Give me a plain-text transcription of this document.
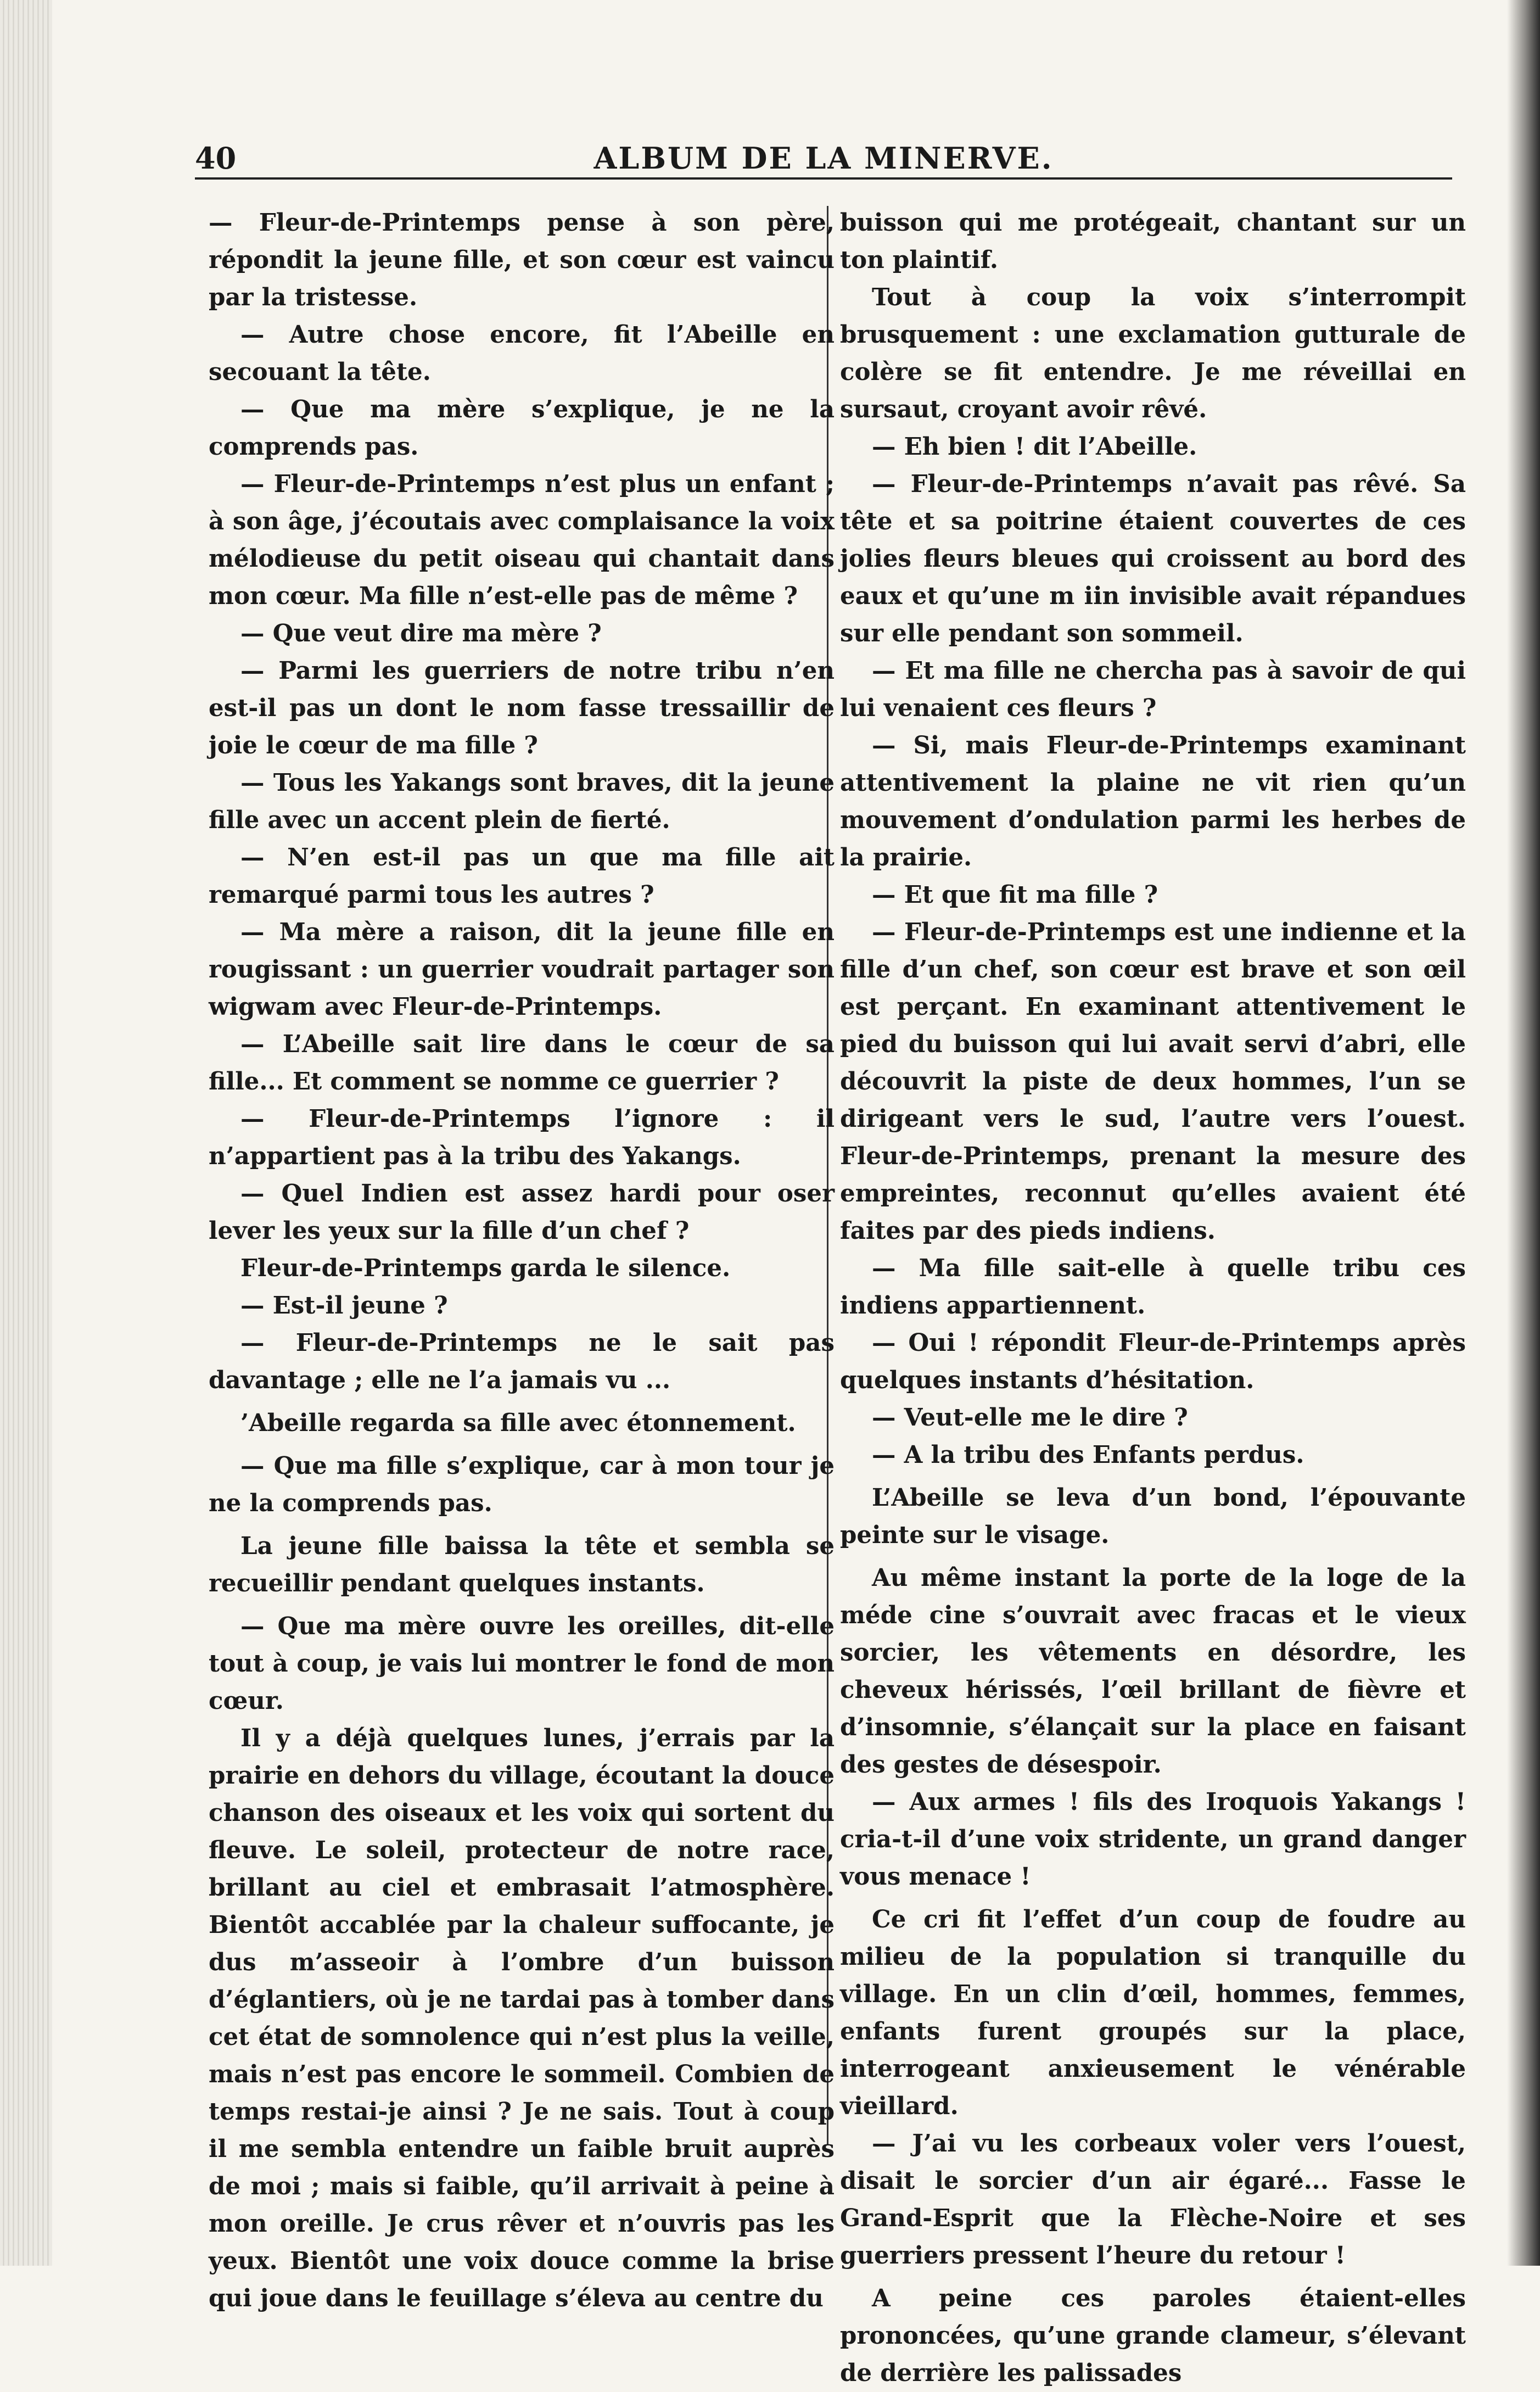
40	ALBUM DE LA MINERVE.

— Fleur-de-Printemps pense à son père, répondit la jeune fille, et son cœur est vaincu par la tristesse.

— Autre chose encore, fit l’Abeille en secouant la tête.

— Que ma mère s’explique, je ne la comprends pas.

— Fleur-de-Printemps n’est plus un enfant ; à son âge, j’écoutais avec complaisance la voix mélodieuse du petit oiseau qui chantait dans mon cœur. Ma fille n’est-elle pas de même ?

— Que veut dire ma mère ?

— Parmi les guerriers de notre tribu n’en est-il pas un dont le nom fasse tressaillir de joie le cœur de ma fille ?

— Tous les Yakangs sont braves, dit la jeune fille avec un accent plein de fierté.

— N’en est-il pas un que ma fille ait remarqué parmi tous les autres ?

— Ma mère a raison, dit la jeune fille en rougissant : un guerrier voudrait partager son wigwam avec Fleur-de-Printemps.

— L’Abeille sait lire dans le cœur de sa fille... Et comment se nomme ce guerrier ?

— Fleur-de-Printemps l’ignore : il n’appartient pas à la tribu des Yakangs.

— Quel Indien est assez hardi pour oser lever les yeux sur la fille d’un chef ?

Fleur-de-Printemps garda le silence.

— Est-il jeune ?

— Fleur-de-Printemps ne le sait pas davantage ; elle ne l’a jamais vu ...

’Abeille regarda sa fille avec étonnement.

— Que ma fille s’explique, car à mon tour je ne la comprends pas.

La jeune fille baissa la tête et sembla se recueillir pendant quelques instants.

— Que ma mère ouvre les oreilles, dit-elle tout à coup, je vais lui montrer le fond de mon cœur.

Il y a déjà quelques lunes, j’errais par la prairie en dehors du village, écoutant la douce chanson des oiseaux et les voix qui sortent du fleuve. Le soleil, protecteur de notre race, brillant au ciel et embrasait l’atmosphère. Bientôt accablée par la chaleur suffocante, je dus m’asseoir à l’ombre d’un buisson d’églantiers, où je ne tardai pas à tomber dans cet état de somnolence qui n’est plus la veille, mais n’est pas encore le sommeil. Combien de temps restai-je ainsi ? Je ne sais. Tout à coup il me sembla entendre un faible bruit auprès de moi ; mais si faible, qu’il arrivait à peine à mon oreille. Je crus rêver et n’ouvris pas les yeux. Bientôt une voix douce comme la brise qui joue dans le feuillage s’éleva au centre du

buisson qui me protégeait, chantant sur un ton plaintif.

Tout à coup la voix s’interrompit brusquement : une exclamation gutturale de colère se fit entendre. Je me réveillai en sursaut, croyant avoir rêvé.

— Eh bien ! dit l’Abeille.

— Fleur-de-Printemps n’avait pas rêvé. Sa tête et sa poitrine étaient couvertes de ces jolies fleurs bleues qui croissent au bord des eaux et qu’une m iin invisible avait répandues sur elle pendant son sommeil.

— Et ma fille ne chercha pas à savoir de qui lui venaient ces fleurs ?

— Si, mais Fleur-de-Printemps examinant attentivement la plaine ne vit rien qu’un mouvement d’ondulation parmi les herbes de la prairie.

— Et que fit ma fille ?

— Fleur-de-Printemps est une indienne et la fille d’un chef, son cœur est brave et son œil est perçant. En examinant attentivement le pied du buisson qui lui avait servi d’abri, elle découvrit la piste de deux hommes, l’un se dirigeant vers le sud, l’autre vers l’ouest. Fleur-de-Printemps, prenant la mesure des empreintes, reconnut qu’elles avaient été faites par des pieds indiens.

— Ma fille sait-elle à quelle tribu ces indiens appartiennent.

— Oui ! répondit Fleur-de-Printemps après quelques instants d’hésitation.

— Veut-elle me le dire ?

— A la tribu des Enfants perdus.

L’Abeille se leva d’un bond, l’épouvante peinte sur le visage.

Au même instant la porte de la loge de la méde cine s’ouvrait avec fracas et le vieux sorcier, les vêtements en désordre, les cheveux hérissés, l’œil brillant de fièvre et d’insomnie, s’élançait sur la place en faisant des gestes de désespoir.

— Aux armes ! fils des Iroquois Yakangs ! cria-t-il d’une voix stridente, un grand danger vous menace !

Ce cri fit l’effet d’un coup de foudre au milieu de la population si tranquille du village. En un clin d’œil, hommes, femmes, enfants furent groupés sur la place, interrogeant anxieusement le vénérable vieillard.

— J’ai vu les corbeaux voler vers l’ouest, disait le sorcier d’un air égaré... Fasse le Grand-Esprit que la Flèche-Noire et ses guerriers pressent l’heure du retour !

A peine ces paroles étaient-elles prononcées, qu’une grande clameur, s’élevant de derrière les palissades
